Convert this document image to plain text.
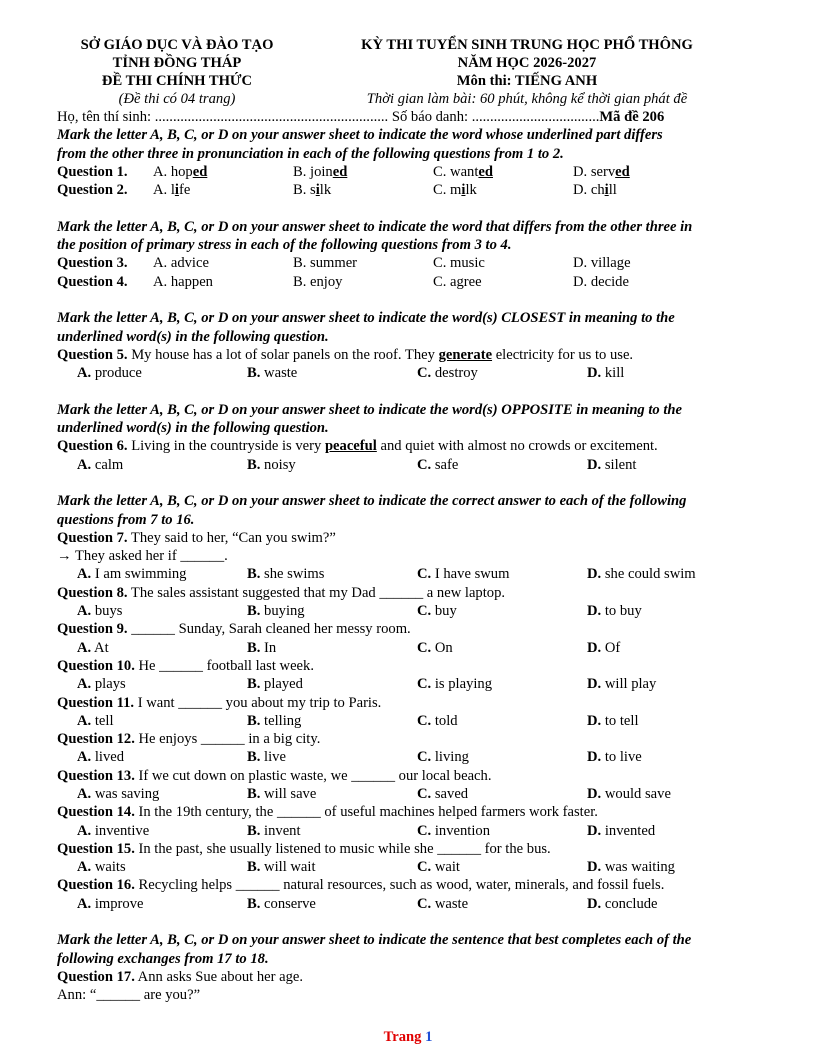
SỞ GIÁO DỤC VÀ ĐÀO TẠO
TỈNH ĐỒNG THÁP
ĐỀ THI CHÍNH THỨC
(Đề thi có 04 trang)
KỲ THI TUYỂN SINH TRUNG HỌC PHỔ THÔNG
NĂM HỌC 2026-2027
Môn thi: TIẾNG ANH
Thời gian làm bài: 60 phút, không kể thời gian phát đề
Họ, tên thí sinh: ................................................................ Số báo danh: ...................................Mã đề 206
Mark the letter A, B, C, or D on your answer sheet to indicate the word whose underlined part differs
from the other three in pronunciation in each of the following questions from 1 to 2.
Question 1.	A. hoped	B. joined	C. wanted	D. served
Question 2.	A. life	B. silk	C. milk	D. chill
Mark the letter A, B, C, or D on your answer sheet to indicate the word that differs from the other three in
the position of primary stress in each of the following questions from 3 to 4.
Question 3.	A. advice	B. summer	C. music	D. village
Question 4.	A. happen	B. enjoy	C. agree	D. decide
Mark the letter A, B, C, or D on your answer sheet to indicate the word(s) CLOSEST in meaning to the
underlined word(s) in the following question.
Question 5. My house has a lot of solar panels on the roof. They generate electricity for us to use.
A. produce	B. waste	C. destroy	D. kill
Mark the letter A, B, C, or D on your answer sheet to indicate the word(s) OPPOSITE in meaning to the
underlined word(s) in the following question.
Question 6. Living in the countryside is very peaceful and quiet with almost no crowds or excitement.
A. calm	B. noisy	C. safe	D. silent
Mark the letter A, B, C, or D on your answer sheet to indicate the correct answer to each of the following
questions from 7 to 16.
Question 7. They said to her, “Can you swim?”
→ They asked her if ______.
A. I am swimming	B. she swims	C. I have swum	D. she could swim
Question 8. The sales assistant suggested that my Dad ______ a new laptop.
A. buys	B. buying	C. buy	D. to buy
Question 9. ______ Sunday, Sarah cleaned her messy room.
A. At	B. In	C. On	D. Of
Question 10. He ______ football last week.
A. plays	B. played	C. is playing	D. will play
Question 11. I want ______ you about my trip to Paris.
A. tell	B. telling	C. told	D. to tell
Question 12. He enjoys ______ in a big city.
A. lived	B. live	C. living	D. to live
Question 13. If we cut down on plastic waste, we ______ our local beach.
A. was saving	B. will save	C. saved	D. would save
Question 14. In the 19th century, the ______ of useful machines helped farmers work faster.
A. inventive	B. invent	C. invention	D. invented
Question 15. In the past, she usually listened to music while she ______ for the bus.
A. waits	B. will wait	C. wait	D. was waiting
Question 16. Recycling helps ______ natural resources, such as wood, water, minerals, and fossil fuels.
A. improve	B. conserve	C. waste	D. conclude
Mark the letter A, B, C, or D on your answer sheet to indicate the sentence that best completes each of the
following exchanges from 17 to 18.
Question 17. Ann asks Sue about her age.
Ann: “______ are you?”
Trang 1
